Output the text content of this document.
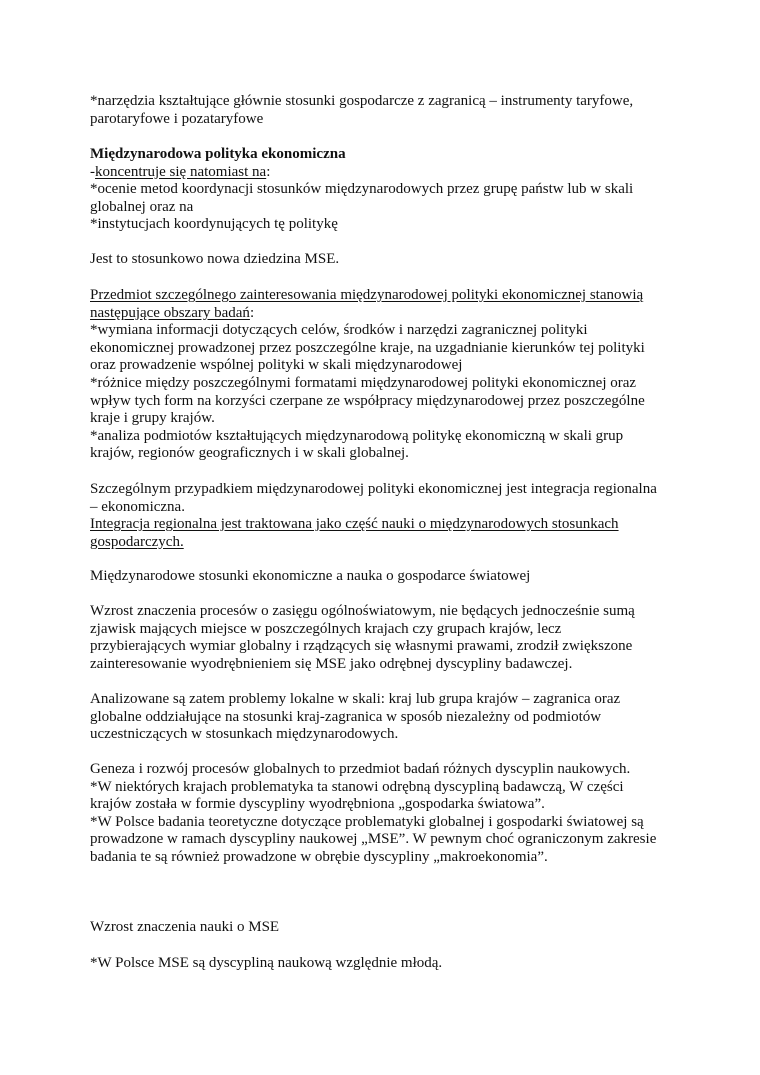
*narzędzia kształtujące głównie stosunki gospodarcze z zagranicą – instrumenty taryfowe,
parotaryfowe i pozataryfowe
Międzynarodowa polityka ekonomiczna
-koncentruje się natomiast na:
*ocenie metod koordynacji stosunków międzynarodowych przez grupę państw lub w skali
globalnej oraz na
*instytucjach koordynujących tę politykę
Jest to stosunkowo nowa dziedzina MSE.
Przedmiot szczególnego zainteresowania międzynarodowej polityki ekonomicznej stanowią
następujące obszary badań:
*wymiana informacji dotyczących celów, środków i narzędzi zagranicznej polityki
ekonomicznej prowadzonej przez poszczególne kraje, na uzgadnianie kierunków tej polityki
oraz prowadzenie wspólnej polityki w skali międzynarodowej
*różnice między poszczególnymi formatami międzynarodowej polityki ekonomicznej oraz
wpływ tych form na korzyści czerpane ze współpracy międzynarodowej przez poszczególne
kraje i grupy krajów.
*analiza podmiotów kształtujących międzynarodową politykę ekonomiczną w skali grup
krajów, regionów geograficznych i w skali globalnej.
Szczególnym przypadkiem międzynarodowej polityki ekonomicznej jest integracja regionalna
– ekonomiczna.
Integracja regionalna jest traktowana jako część nauki o międzynarodowych stosunkach
gospodarczych.
Międzynarodowe stosunki ekonomiczne a nauka o gospodarce światowej
Wzrost znaczenia procesów o zasięgu ogólnoświatowym, nie będących jednocześnie sumą
zjawisk mających miejsce w poszczególnych krajach czy grupach krajów, lecz
przybierających wymiar globalny i rządzących się własnymi prawami, zrodził zwiększone
zainteresowanie wyodrębnieniem się MSE jako odrębnej dyscypliny badawczej.
Analizowane są zatem problemy lokalne w skali: kraj lub grupa krajów – zagranica oraz
globalne oddziałujące na stosunki kraj-zagranica w sposób niezależny od podmiotów
uczestniczących w stosunkach międzynarodowych.
Geneza i rozwój procesów globalnych to przedmiot badań różnych dyscyplin naukowych.
*W niektórych krajach problematyka ta stanowi odrębną dyscypliną badawczą, W części
krajów została w formie dyscypliny wyodrębniona „gospodarka światowa”.
*W Polsce badania teoretyczne dotyczące problematyki globalnej i gospodarki światowej są
prowadzone w ramach dyscypliny naukowej „MSE”. W pewnym choć ograniczonym zakresie
badania te są również prowadzone w obrębie dyscypliny „makroekonomia”.
Wzrost znaczenia nauki o MSE
*W Polsce MSE są dyscypliną naukową względnie młodą.
